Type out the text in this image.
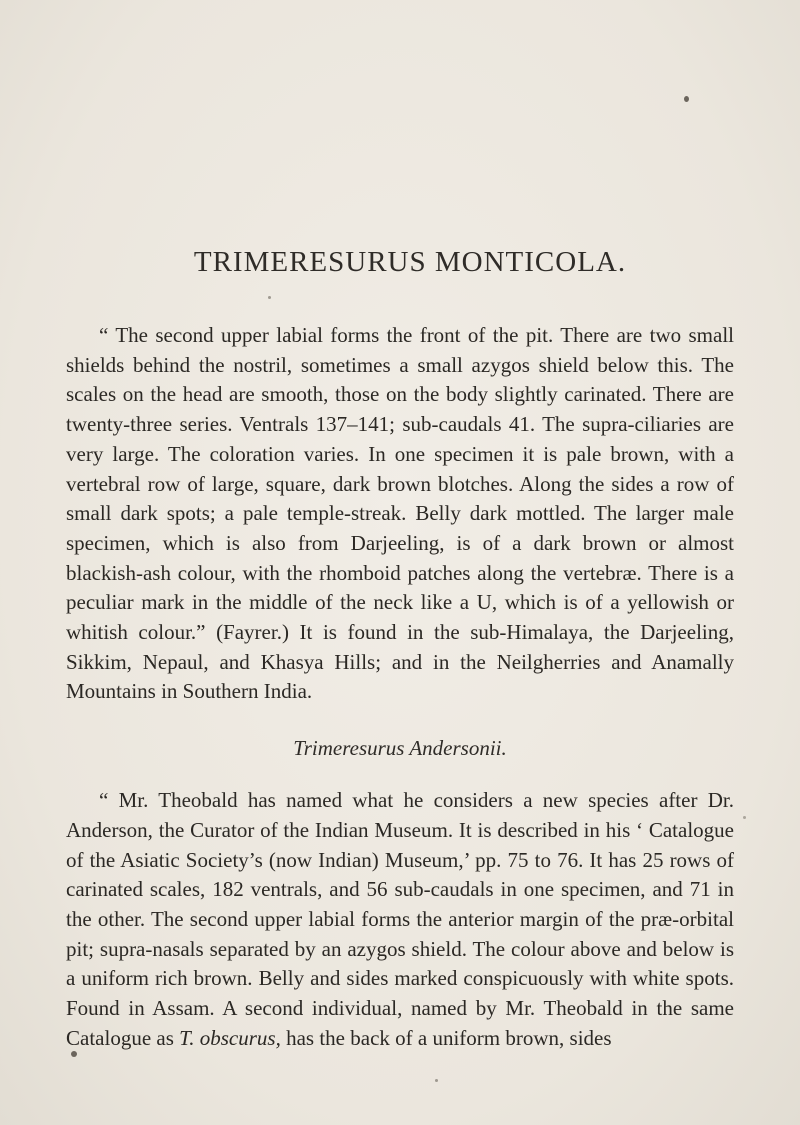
TRIMERESURUS MONTICOLA.

“ The second upper labial forms the front of the pit. There are two small shields behind the nostril, sometimes a small azygos shield below this. The scales on the head are smooth, those on the body slightly carinated. There are twenty-three series. Ventrals 137–141; sub-caudals 41. The supra-ciliaries are very large. The coloration varies. In one specimen it is pale brown, with a vertebral row of large, square, dark brown blotches. Along the sides a row of small dark spots; a pale temple-streak. Belly dark mottled. The larger male specimen, which is also from Darjeeling, is of a dark brown or almost blackish-ash colour, with the rhomboid patches along the vertebræ. There is a peculiar mark in the middle of the neck like a U, which is of a yellowish or whitish colour.” (Fayrer.) It is found in the sub-Himalaya, the Darjeeling, Sikkim, Nepaul, and Khasya Hills; and in the Neilgherries and Anamally Mountains in Southern India.

Trimeresurus Andersonii.

“ Mr. Theobald has named what he considers a new species after Dr. Anderson, the Curator of the Indian Museum. It is described in his ‘ Catalogue of the Asiatic Society’s (now Indian) Museum,’ pp. 75 to 76. It has 25 rows of carinated scales, 182 ventrals, and 56 sub-caudals in one specimen, and 71 in the other. The second upper labial forms the anterior margin of the præ-orbital pit; supra-nasals separated by an azygos shield. The colour above and below is a uniform rich brown. Belly and sides marked conspicuously with white spots. Found in Assam. A second individual, named by Mr. Theobald in the same Catalogue as T. obscurus, has the back of a uniform brown, sides
